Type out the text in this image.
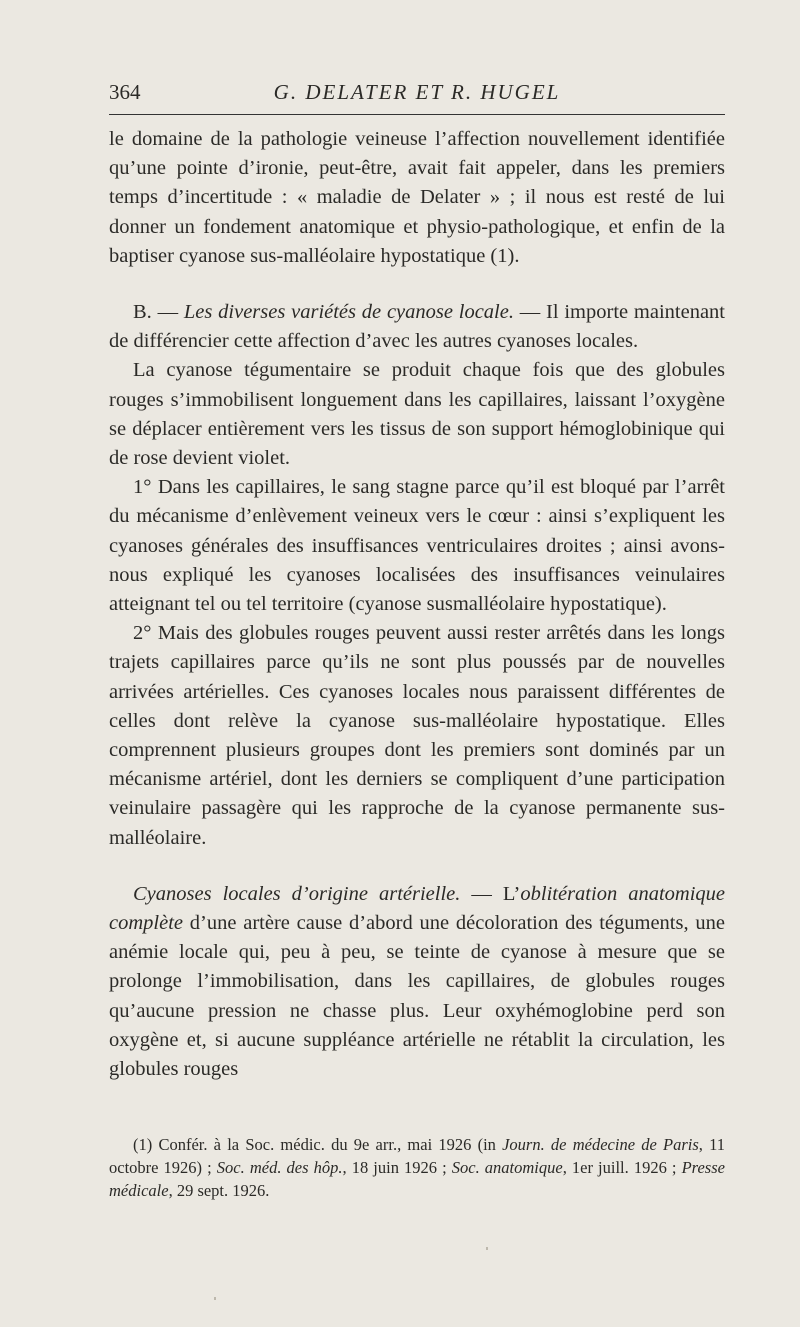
364	G. DELATER ET R. HUGEL

le domaine de la pathologie veineuse l’affection nouvellement identifiée qu’une pointe d’ironie, peut-être, avait fait appeler, dans les premiers temps d’incertitude : « maladie de Delater » ; il nous est resté de lui donner un fondement anatomique et physio-pathologique, et enfin de la baptiser cyanose sus-malléolaire hypostatique (1).

B. — Les diverses variétés de cyanose locale. — Il importe maintenant de différencier cette affection d’avec les autres cyanoses locales.

La cyanose tégumentaire se produit chaque fois que des globules rouges s’immobilisent longuement dans les capillaires, laissant l’oxygène se déplacer entièrement vers les tissus de son support hémoglobinique qui de rose devient violet.

1° Dans les capillaires, le sang stagne parce qu’il est bloqué par l’arrêt du mécanisme d’enlèvement veineux vers le cœur : ainsi s’expliquent les cyanoses générales des insuffisances ventriculaires droites ; ainsi avons-nous expliqué les cyanoses localisées des insuffisances veinulaires atteignant tel ou tel territoire (cyanose susmalléolaire hypostatique).

2° Mais des globules rouges peuvent aussi rester arrêtés dans les longs trajets capillaires parce qu’ils ne sont plus poussés par de nouvelles arrivées artérielles. Ces cyanoses locales nous paraissent différentes de celles dont relève la cyanose sus-malléolaire hypostatique. Elles comprennent plusieurs groupes dont les premiers sont dominés par un mécanisme artériel, dont les derniers se compliquent d’une participation veinulaire passagère qui les rapproche de la cyanose permanente sus-malléolaire.

Cyanoses locales d’origine artérielle. — L’oblitération anatomique complète d’une artère cause d’abord une décoloration des téguments, une anémie locale qui, peu à peu, se teinte de cyanose à mesure que se prolonge l’immobilisation, dans les capillaires, de globules rouges qu’aucune pression ne chasse plus. Leur oxyhémoglobine perd son oxygène et, si aucune suppléance artérielle ne rétablit la circulation, les globules rouges

(1) Confér. à la Soc. médic. du 9e arr., mai 1926 (in Journ. de médecine de Paris, 11 octobre 1926) ; Soc. méd. des hôp., 18 juin 1926 ; Soc. anatomique, 1er juill. 1926 ; Presse médicale, 29 sept. 1926.
